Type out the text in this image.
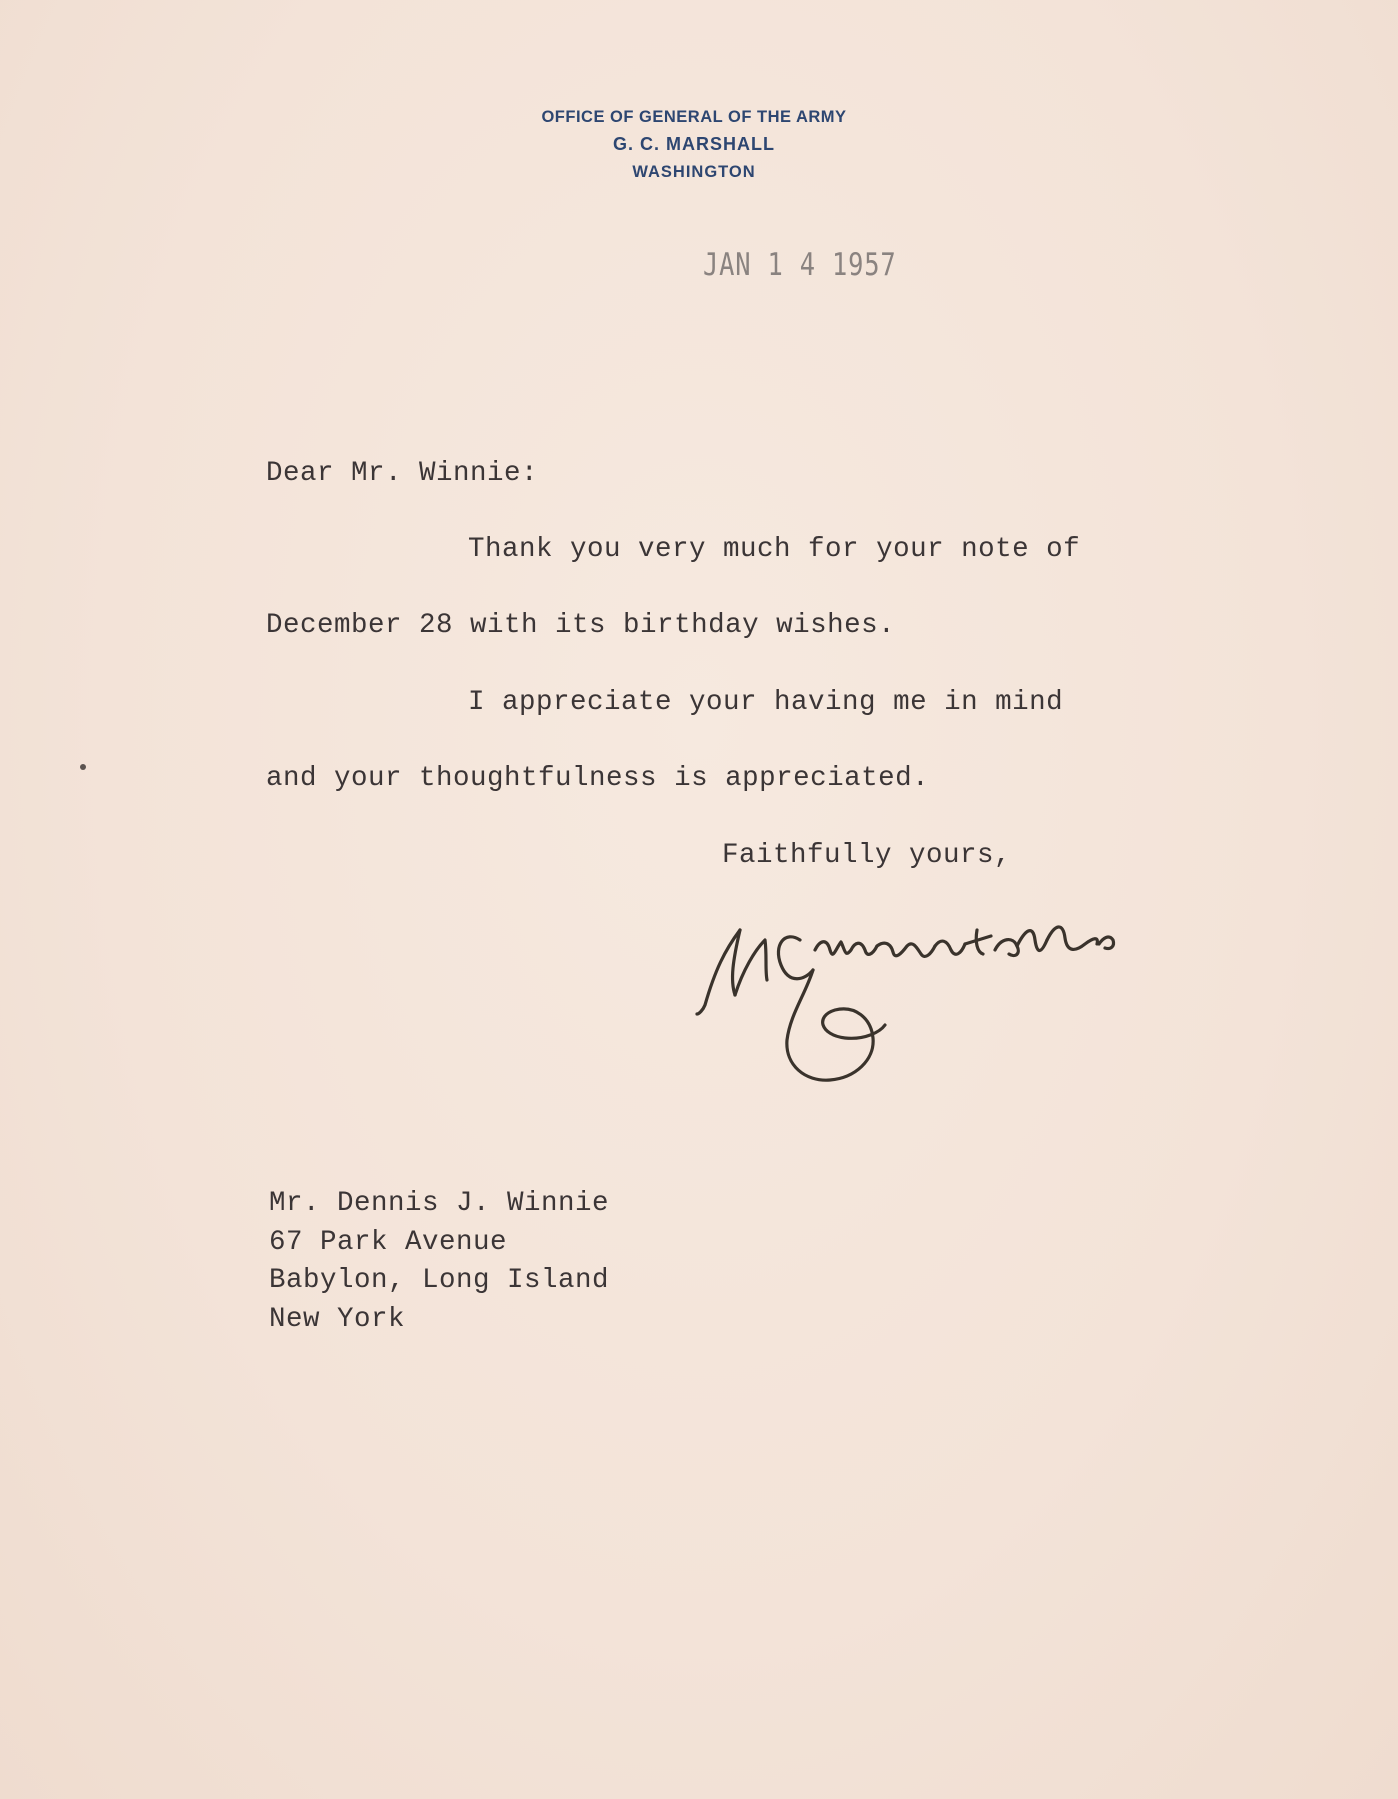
OFFICE OF GENERAL OF THE ARMY
G. C. MARSHALL
WASHINGTON
JAN 1 4 1957
Dear Mr. Winnie:
Thank you very much for your note of
December 28 with its birthday wishes.
I appreciate your having me in mind
and your thoughtfulness is appreciated.
Faithfully yours,
Mr. Dennis J. Winnie
67 Park Avenue
Babylon, Long Island
New York
